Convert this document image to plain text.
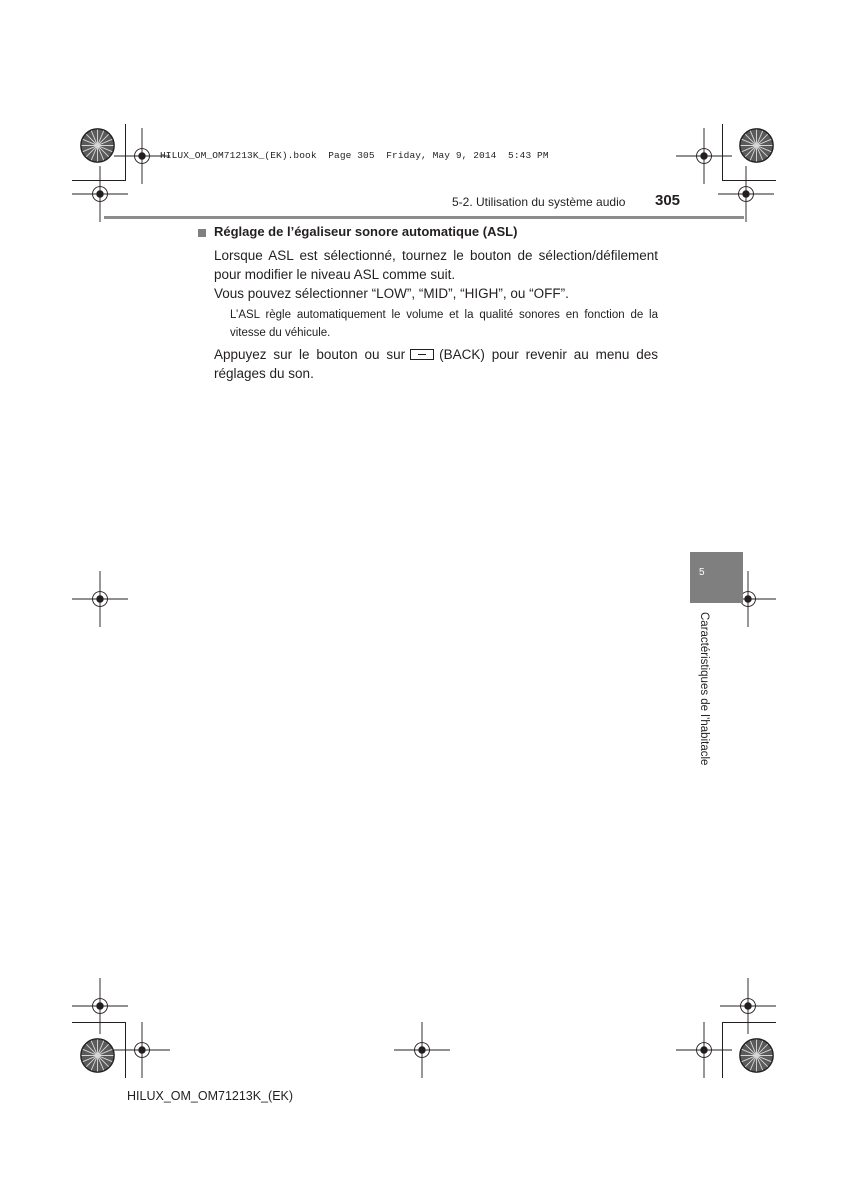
HILUX_OM_OM71213K_(EK).book  Page 305  Friday, May 9, 2014  5:43 PM
5-2. Utilisation du système audio 305
Réglage de l’égaliseur sonore automatique (ASL)
Lorsque ASL est sélectionné, tournez le bouton de sélection/défilement
pour modifier le niveau ASL comme suit.
Vous pouvez sélectionner “LOW”, “MID”, “HIGH”, ou “OFF”.
L’ASL règle automatiquement le volume et la qualité sonores en fonction de la vitesse du véhicule.
Appuyez sur le bouton ou sur	(BACK) pour revenir au menu des réglages du son.
5
Caractéristiques de l’habitacle
HILUX_OM_OM71213K_(EK)
